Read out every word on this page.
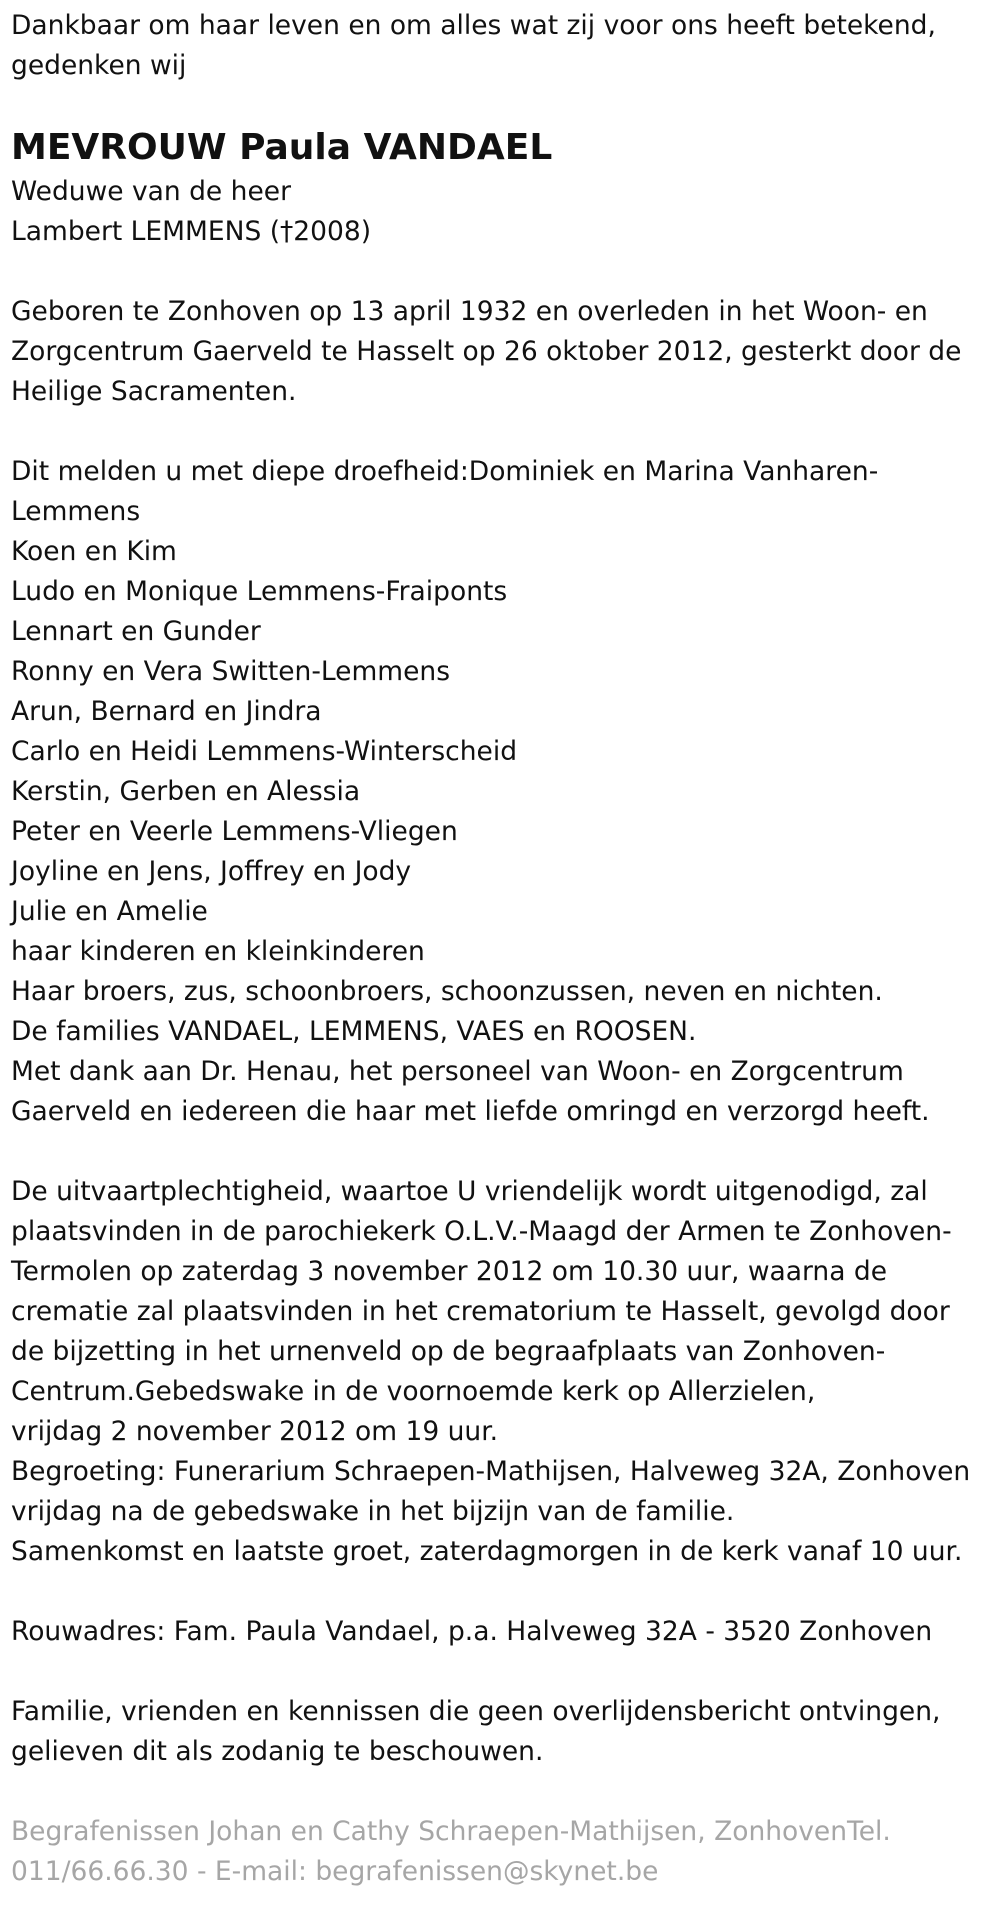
Dankbaar om haar leven en om alles wat zij voor ons heeft betekend,
gedenken wij
MEVROUW Paula VANDAEL
Weduwe van de heer
Lambert LEMMENS (†2008)
Geboren te Zonhoven op 13 april 1932 en overleden in het Woon- en
Zorgcentrum Gaerveld te Hasselt op 26 oktober 2012, gesterkt door de
Heilige Sacramenten.
Dit melden u met diepe droefheid:Dominiek en Marina Vanharen-
Lemmens
Koen en Kim
Ludo en Monique Lemmens-Fraiponts
Lennart en Gunder
Ronny en Vera Switten-Lemmens
Arun, Bernard en Jindra
Carlo en Heidi Lemmens-Winterscheid
Kerstin, Gerben en Alessia
Peter en Veerle Lemmens-Vliegen
Joyline en Jens, Joffrey en Jody
Julie en Amelie
haar kinderen en kleinkinderen
Haar broers, zus, schoonbroers, schoonzussen, neven en nichten.
De families VANDAEL, LEMMENS, VAES en ROOSEN.
Met dank aan Dr. Henau, het personeel van Woon- en Zorgcentrum
Gaerveld en iedereen die haar met liefde omringd en verzorgd heeft.
De uitvaartplechtigheid, waartoe U vriendelijk wordt uitgenodigd, zal
plaatsvinden in de parochiekerk O.L.V.-Maagd der Armen te Zonhoven-
Termolen op zaterdag 3 november 2012 om 10.30 uur, waarna de
crematie zal plaatsvinden in het crematorium te Hasselt, gevolgd door
de bijzetting in het urnenveld op de begraafplaats van Zonhoven-
Centrum.Gebedswake in de voornoemde kerk op Allerzielen,
vrijdag 2 november 2012 om 19 uur.
Begroeting: Funerarium Schraepen-Mathijsen, Halveweg 32A, Zonhoven
vrijdag na de gebedswake in het bijzijn van de familie.
Samenkomst en laatste groet, zaterdagmorgen in de kerk vanaf 10 uur.
Rouwadres: Fam. Paula Vandael, p.a. Halveweg 32A - 3520 Zonhoven
Familie, vrienden en kennissen die geen overlijdensbericht ontvingen,
gelieven dit als zodanig te beschouwen.
Begrafenissen Johan en Cathy Schraepen-Mathijsen, ZonhovenTel.
011/66.66.30 - E-mail: begrafenissen@skynet.be
